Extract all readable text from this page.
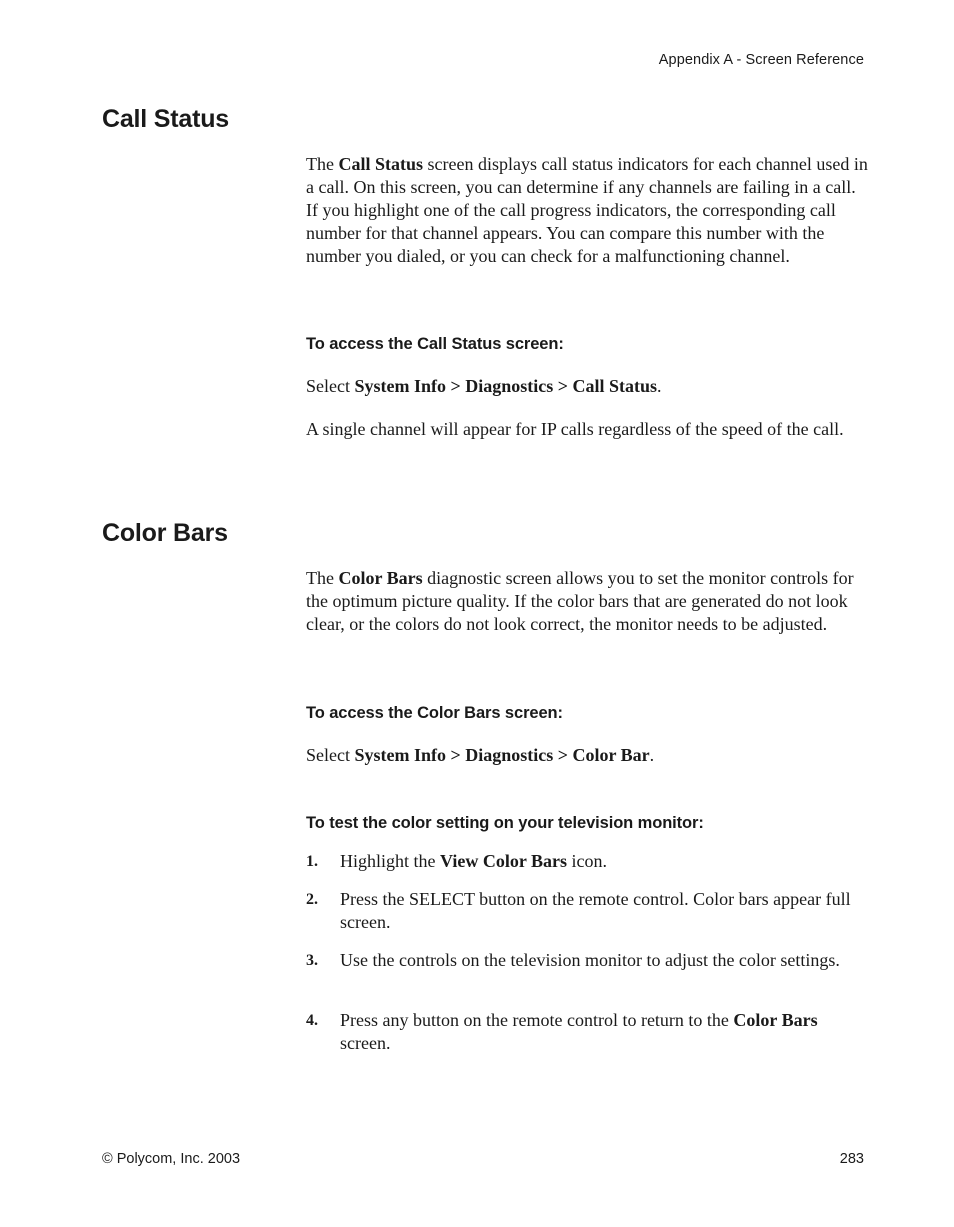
Appendix A - Screen Reference
Call Status

The Call Status screen displays call status indicators for each channel used in a call. On this screen, you can determine if any channels are failing in a call. If you highlight one of the call progress indicators, the corresponding call number for that channel appears. You can compare this number with the number you dialed, or you can check for a malfunctioning channel.

To access the Call Status screen:

Select System Info > Diagnostics > Call Status.

A single channel will appear for IP calls regardless of the speed of the call.

Color Bars

The Color Bars diagnostic screen allows you to set the monitor controls for the optimum picture quality. If the color bars that are generated do not look clear, or the colors do not look correct, the monitor needs to be adjusted.

To access the Color Bars screen:

Select System Info > Diagnostics > Color Bar.

To test the color setting on your television monitor:
1. Highlight the View Color Bars icon.
2. Press the SELECT button on the remote control. Color bars appear full screen.
3. Use the controls on the television monitor to adjust the color settings.
4. Press any button on the remote control to return to the Color Bars screen.
© Polycom, Inc. 2003	283
